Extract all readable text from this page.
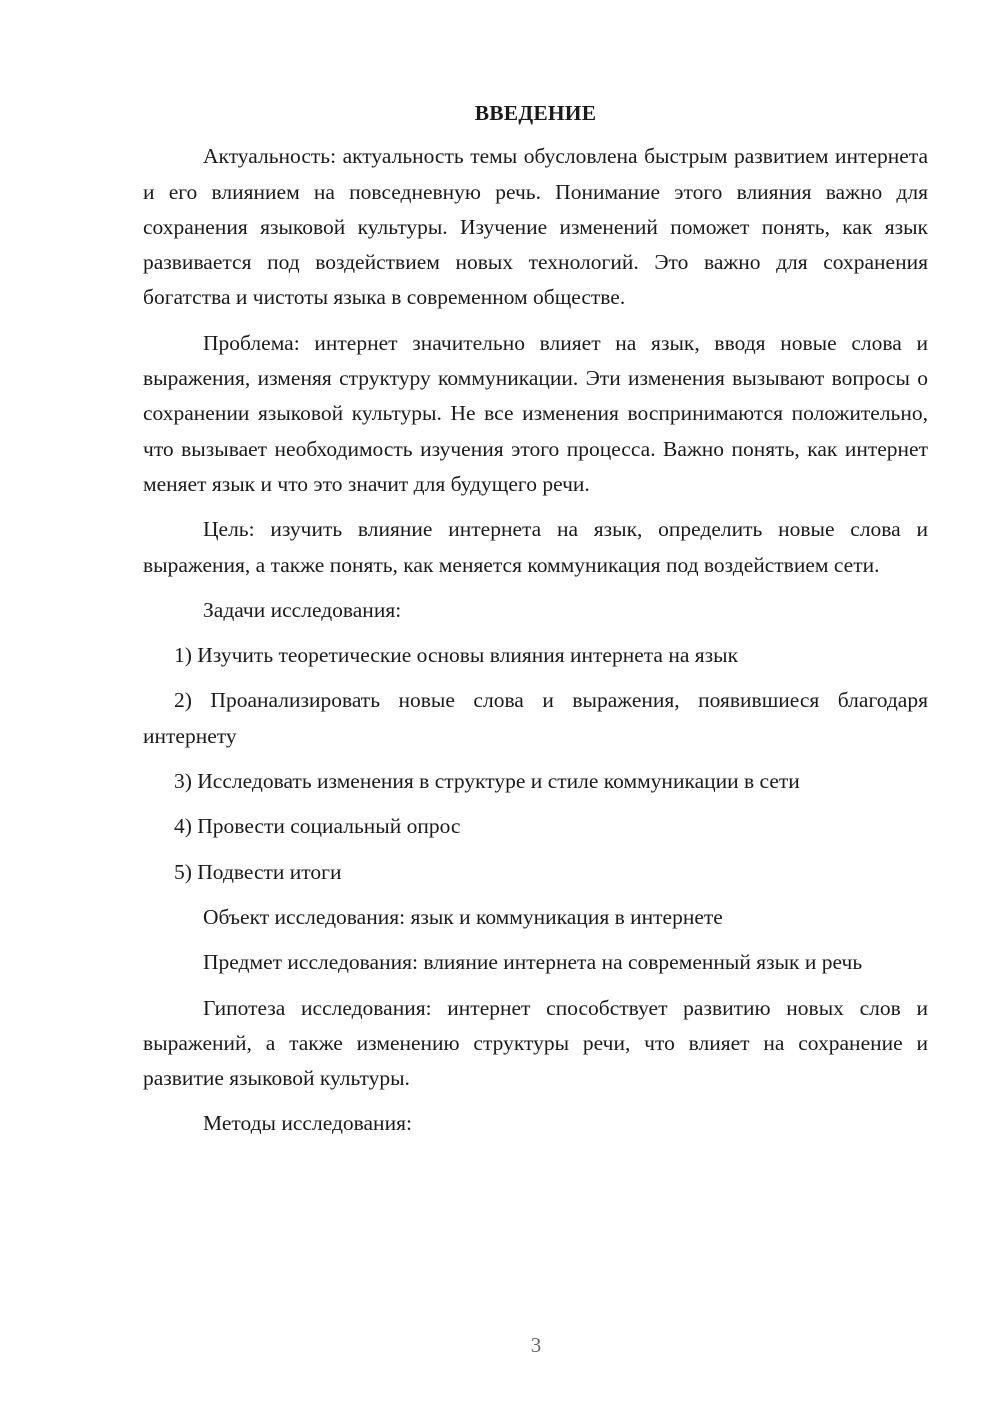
ВВЕДЕНИЕ
Актуальность: актуальность темы обусловлена быстрым развитием интернета и его влиянием на повседневную речь. Понимание этого влияния важно для сохранения языковой культуры. Изучение изменений поможет понять, как язык развивается под воздействием новых технологий. Это важно для сохранения богатства и чистоты языка в современном обществе.
Проблема: интернет значительно влияет на язык, вводя новые слова и выражения, изменяя структуру коммуникации. Эти изменения вызывают вопросы о сохранении языковой культуры. Не все изменения воспринимаются положительно, что вызывает необходимость изучения этого процесса. Важно понять, как интернет меняет язык и что это значит для будущего речи.
Цель: изучить влияние интернета на язык, определить новые слова и выражения, а также понять, как меняется коммуникация под воздействием сети.
Задачи исследования:
1) Изучить теоретические основы влияния интернета на язык
2) Проанализировать новые слова и выражения, появившиеся благодаря интернету
3) Исследовать изменения в структуре и стиле коммуникации в сети
4) Провести социальный опрос
5) Подвести итоги
Объект исследования: язык и коммуникация в интернете
Предмет исследования: влияние интернета на современный язык и речь
Гипотеза исследования: интернет способствует развитию новых слов и выражений, а также изменению структуры речи, что влияет на сохранение и развитие языковой культуры.
Методы исследования:
3
